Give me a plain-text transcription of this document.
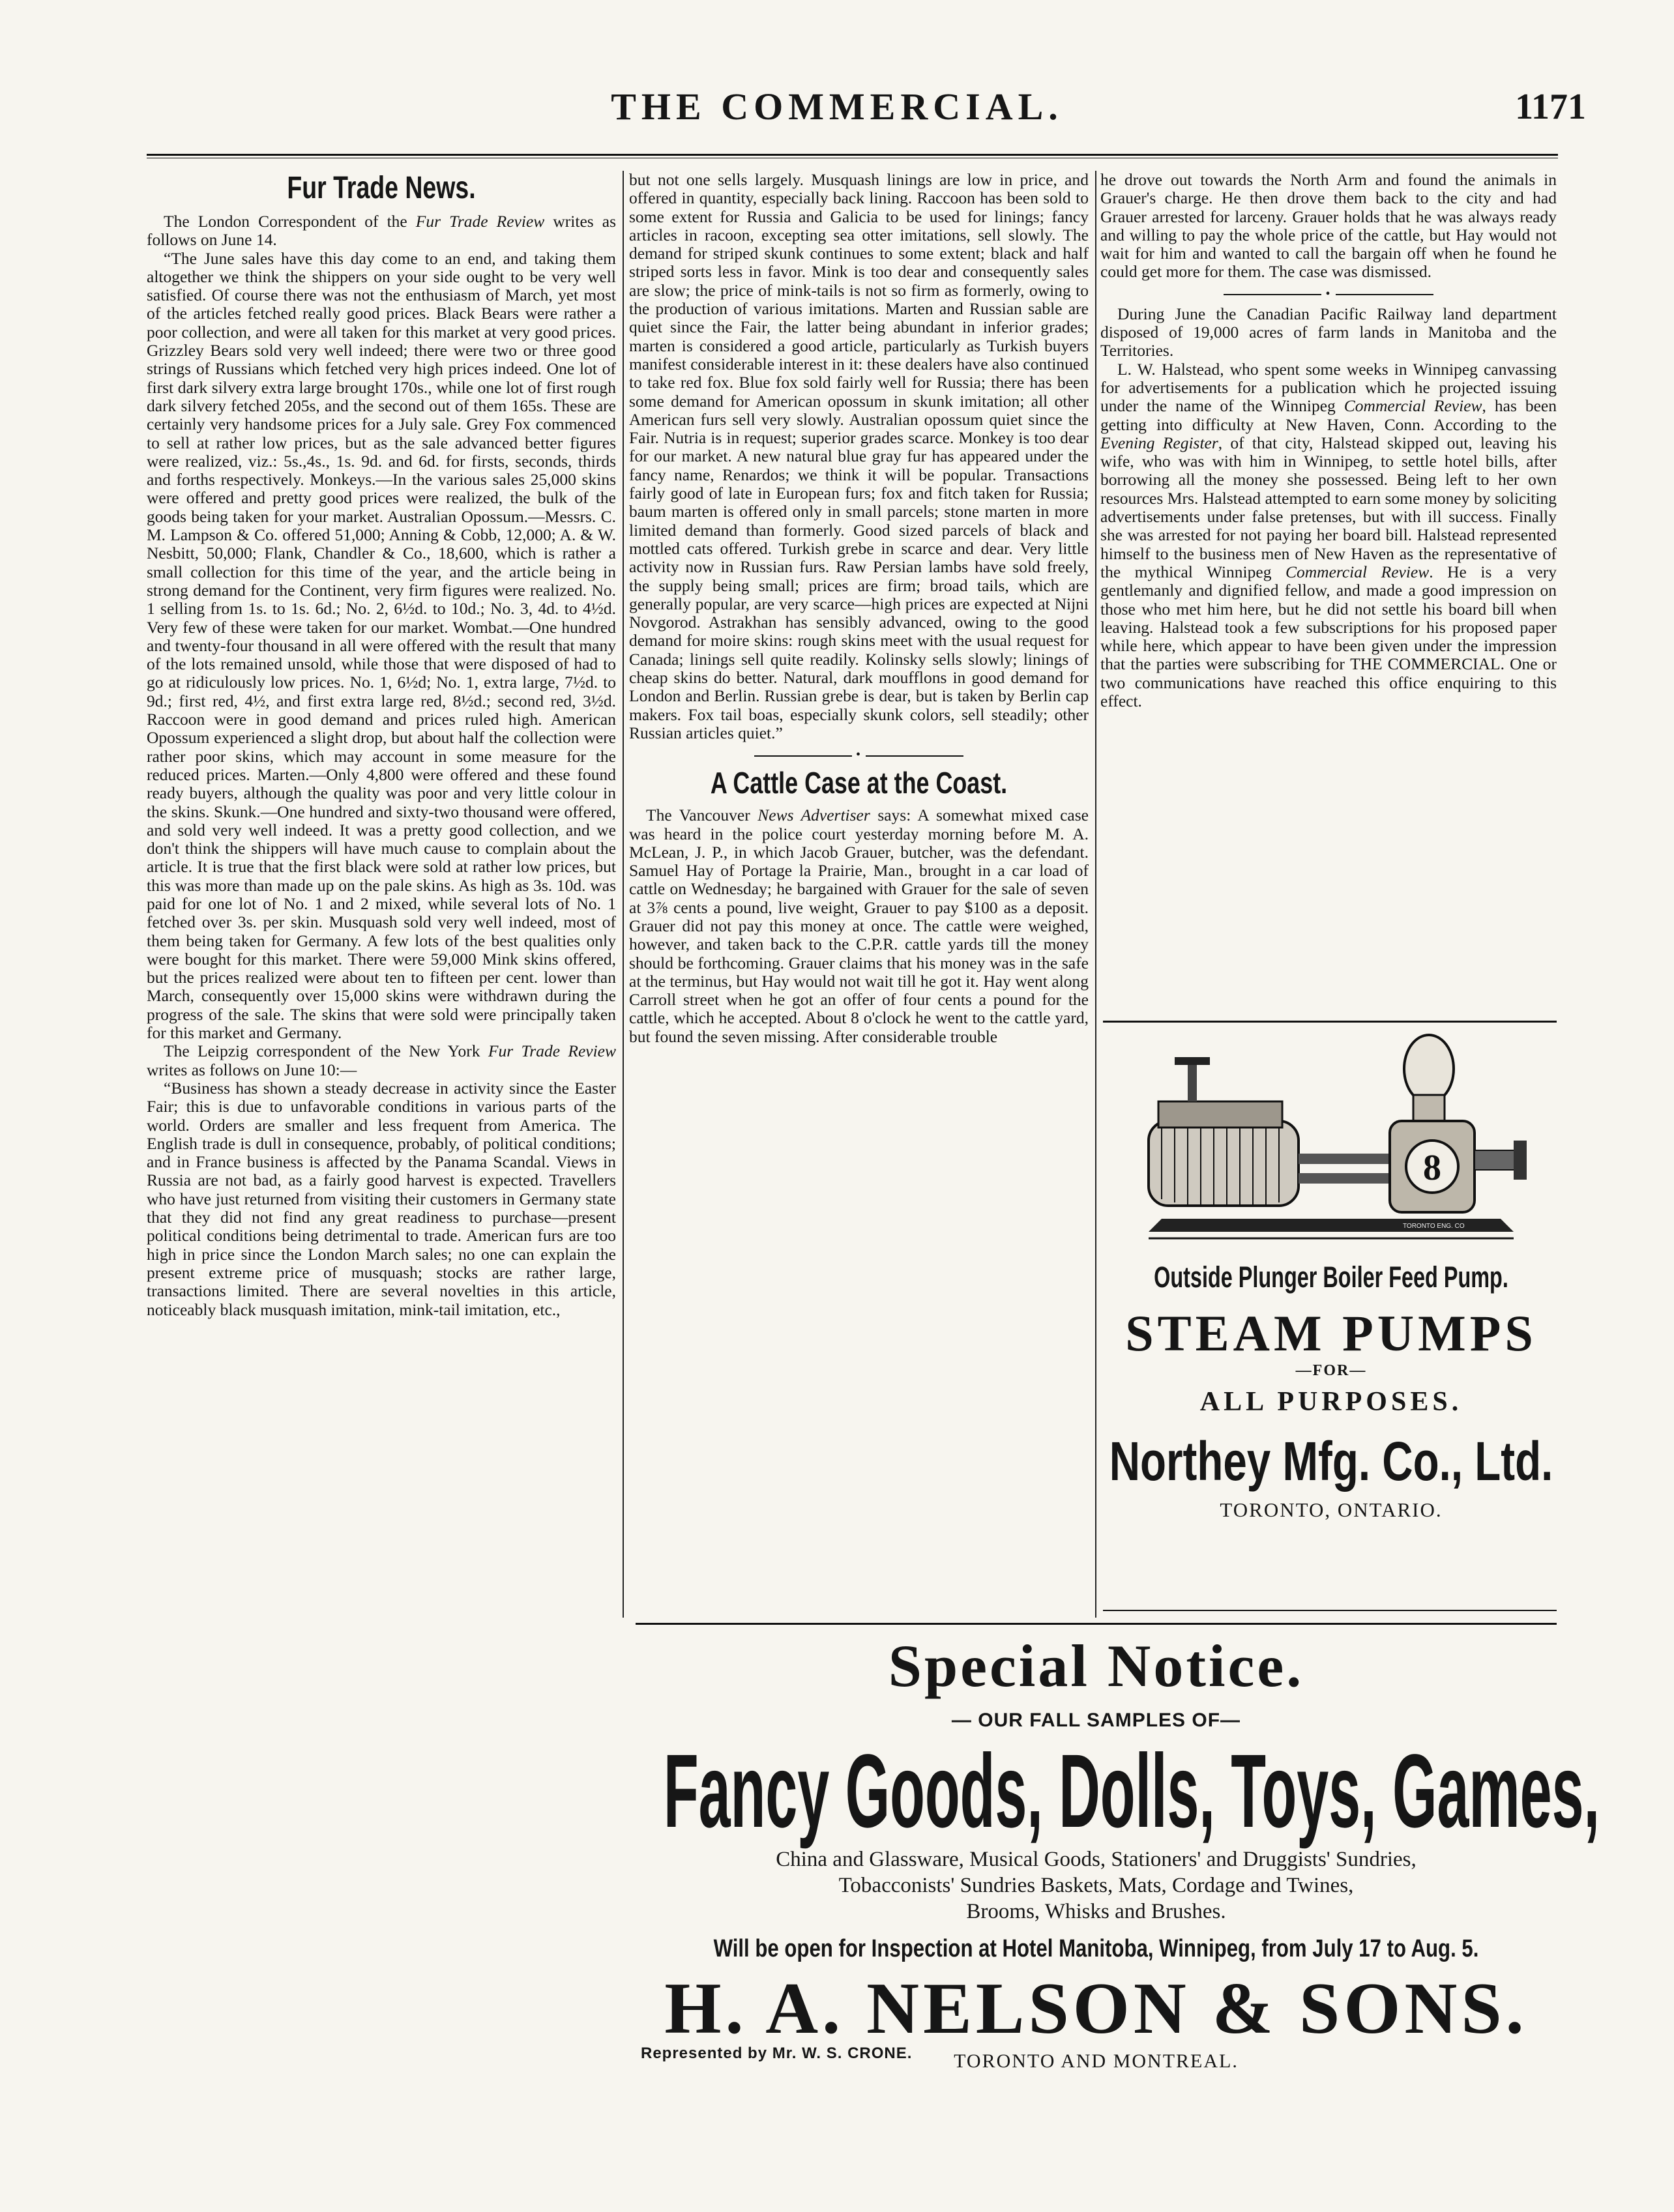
THE COMMERCIAL.	1171
Fur Trade News.

The London Correspondent of the Fur Trade Review writes as follows on June 14.

“The June sales have this day come to an end, and taking them altogether we think the shippers on your side ought to be very well satisfied. Of course there was not the enthusiasm of March, yet most of the articles fetched really good prices. Black Bears were rather a poor collection, and were all taken for this market at very good prices. Grizzley Bears sold very well indeed; there were two or three good strings of Russians which fetched very high prices indeed. One lot of first dark silvery extra large brought 170s., while one lot of first rough dark silvery fetched 205s, and the second out of them 165s. These are certainly very handsome prices for a July sale. Grey Fox commenced to sell at rather low prices, but as the sale advanced better figures were realized, viz.: 5s.,4s., 1s. 9d. and 6d. for firsts, seconds, thirds and forths respectively. Monkeys.—In the various sales 25,000 skins were offered and pretty good prices were realized, the bulk of the goods being taken for your market. Australian Opossum.—Messrs. C. M. Lampson & Co. offered 51,000; Anning & Cobb, 12,000; A. & W. Nesbitt, 50,000; Flank, Chandler & Co., 18,600, which is rather a small collection for this time of the year, and the article being in strong demand for the Continent, very firm figures were realized. No. 1 selling from 1s. to 1s. 6d.; No. 2, 6½d. to 10d.; No. 3, 4d. to 4½d. Very few of these were taken for our market. Wombat.—One hundred and twenty-four thousand in all were offered with the result that many of the lots remained unsold, while those that were disposed of had to go at ridiculously low prices. No. 1, 6½d; No. 1, extra large, 7½d. to 9d.; first red, 4½, and first extra large red, 8½d.; second red, 3½d. Raccoon were in good demand and prices ruled high. American Opossum experienced a slight drop, but about half the collection were rather poor skins, which may account in some measure for the reduced prices. Marten.—Only 4,800 were offered and these found ready buyers, although the quality was poor and very little colour in the skins. Skunk.—One hundred and sixty-two thousand were offered, and sold very well indeed. It was a pretty good collection, and we don't think the shippers will have much cause to complain about the article. It is true that the first black were sold at rather low prices, but this was more than made up on the pale skins. As high as 3s. 10d. was paid for one lot of No. 1 and 2 mixed, while several lots of No. 1 fetched over 3s. per skin. Musquash sold very well indeed, most of them being taken for Germany. A few lots of the best qualities only were bought for this market. There were 59,000 Mink skins offered, but the prices realized were about ten to fifteen per cent. lower than March, consequently over 15,000 skins were withdrawn during the progress of the sale. The skins that were sold were principally taken for this market and Germany.

The Leipzig correspondent of the New York Fur Trade Review writes as follows on June 10:—

“Business has shown a steady decrease in activity since the Easter Fair; this is due to unfavorable conditions in various parts of the world. Orders are smaller and less frequent from America. The English trade is dull in consequence, probably, of political conditions; and in France business is affected by the Panama Scandal. Views in Russia are not bad, as a fairly good harvest is expected. Travellers who have just returned from visiting their customers in Germany state that they did not find any great readiness to purchase—present political conditions being detrimental to trade. American furs are too high in price since the London March sales; no one can explain the present extreme price of musquash; stocks are rather large, transactions limited. There are several novelties in this article, noticeably black musquash imitation, mink-tail imitation, etc.,

but not one sells largely. Musquash linings are low in price, and offered in quantity, especially back lining. Raccoon has been sold to some extent for Russia and Galicia to be used for linings; fancy articles in racoon, excepting sea otter imitations, sell slowly. The demand for striped skunk continues to some extent; black and half striped sorts less in favor. Mink is too dear and consequently sales are slow; the price of mink-tails is not so firm as formerly, owing to the production of various imitations. Marten and Russian sable are quiet since the Fair, the latter being abundant in inferior grades; marten is considered a good article, particularly as Turkish buyers manifest considerable interest in it: these dealers have also continued to take red fox. Blue fox sold fairly well for Russia; there has been some demand for American opossum in skunk imitation; all other American furs sell very slowly. Australian opossum quiet since the Fair. Nutria is in request; superior grades scarce. Monkey is too dear for our market. A new natural blue gray fur has appeared under the fancy name, Renardos; we think it will be popular. Transactions fairly good of late in European furs; fox and fitch taken for Russia; baum marten is offered only in small parcels; stone marten in more limited demand than formerly. Good sized parcels of black and mottled cats offered. Turkish grebe in scarce and dear. Very little activity now in Russian furs. Raw Persian lambs have sold freely, the supply being small; prices are firm; broad tails, which are generally popular, are very scarce—high prices are expected at Nijni Novgorod. Astrakhan has sensibly advanced, owing to the good demand for moire skins: rough skins meet with the usual request for Canada; linings sell quite readily. Kolinsky sells slowly; linings of cheap skins do better. Natural, dark moufflons in good demand for London and Berlin. Russian grebe is dear, but is taken by Berlin cap makers. Fox tail boas, especially skunk colors, sell steadily; other Russian articles quiet.”

•
A Cattle Case at the Coast.

The Vancouver News Advertiser says: A somewhat mixed case was heard in the police court yesterday morning before M. A. McLean, J. P., in which Jacob Grauer, butcher, was the defendant. Samuel Hay of Portage la Prairie, Man., brought in a car load of cattle on Wednesday; he bargained with Grauer for the sale of seven at 3⅞ cents a pound, live weight, Grauer to pay $100 as a deposit. Grauer did not pay this money at once. The cattle were weighed, however, and taken back to the C.P.R. cattle yards till the money should be forthcoming. Grauer claims that his money was in the safe at the terminus, but Hay would not wait till he got it. Hay went along Carroll street when he got an offer of four cents a pound for the cattle, which he accepted. About 8 o'clock he went to the cattle yard, but found the seven missing. After considerable trouble

he drove out towards the North Arm and found the animals in Grauer's charge. He then drove them back to the city and had Grauer arrested for larceny. Grauer holds that he was always ready and willing to pay the whole price of the cattle, but Hay would not wait for him and wanted to call the bargain off when he found he could get more for them. The case was dismissed.

•

During June the Canadian Pacific Railway land department disposed of 19,000 acres of farm lands in Manitoba and the Territories.

L. W. Halstead, who spent some weeks in Winnipeg canvassing for advertisements for a publication which he projected issuing under the name of the Winnipeg Commercial Review, has been getting into difficulty at New Haven, Conn. According to the Evening Register, of that city, Halstead skipped out, leaving his wife, who was with him in Winnipeg, to settle hotel bills, after borrowing all the money she possessed. Being left to her own resources Mrs. Halstead attempted to earn some money by soliciting advertisements under false pretenses, but with ill success. Finally she was arrested for not paying her board bill. Halstead represented himself to the business men of New Haven as the representative of the mythical Winnipeg Commercial Review. He is a very gentlemanly and dignified fellow, and made a good impression on those who met him here, but he did not settle his board bill when leaving. Halstead took a few subscriptions for his proposed paper while here, which appear to have been given under the impression that the parties were subscribing for THE COMMERCIAL. One or two communications have reached this office enquiring to this effect.

8
TORONTO ENG. CO
Outside Plunger Boiler Feed Pump.
STEAM PUMPS
—FOR—
ALL PURPOSES.
Northey Mfg. Co., Ltd.
TORONTO, ONTARIO.
Special Notice.
— OUR FALL SAMPLES OF—
Fancy Goods, Dolls, Toys, Games,
China and Glassware, Musical Goods, Stationers' and Druggists' Sundries,
Tobacconists' Sundries Baskets, Mats, Cordage and Twines,
Brooms, Whisks and Brushes.
Will be open for Inspection at Hotel Manitoba, Winnipeg, from July 17 to Aug. 5.
H. A. NELSON & SONS.
TORONTO AND MONTREAL.
Represented by Mr. W. S. CRONE.
